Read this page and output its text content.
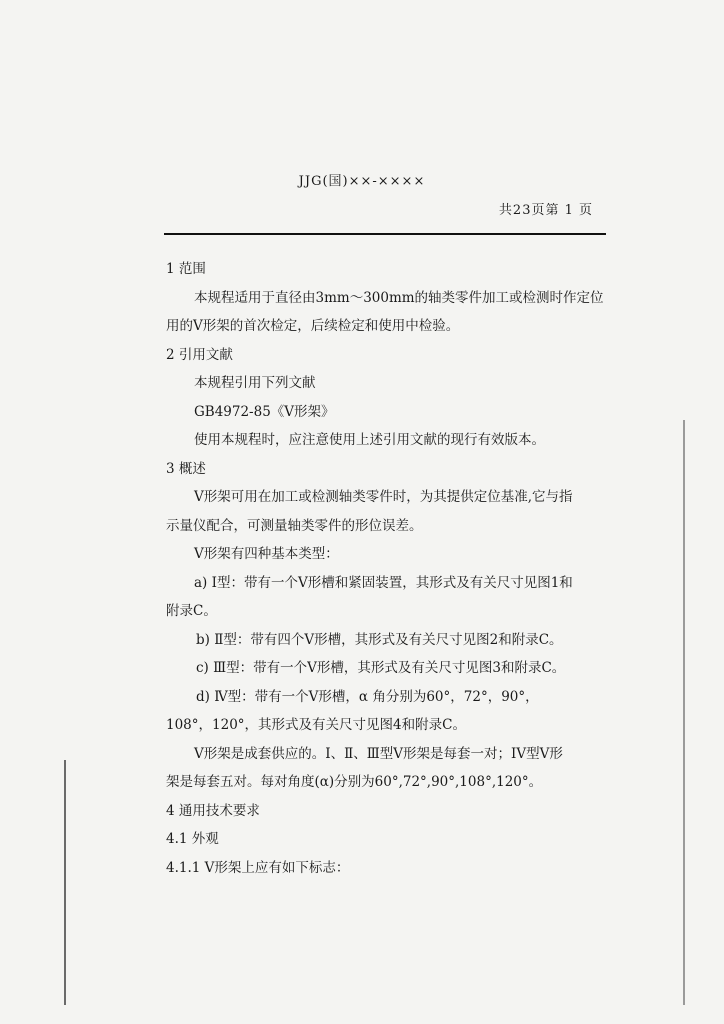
JJG(国)××-××××
共23页第 1 页
1 范围
本规程适用于直径由3mm～300mm的轴类零件加工或检测时作定位
用的V形架的首次检定，后续检定和使用中检验。
2 引用文献
本规程引用下列文献
GB4972-85《V形架》
使用本规程时，应注意使用上述引用文献的现行有效版本。
3 概述
V形架可用在加工或检测轴类零件时，为其提供定位基准,它与指
示量仪配合，可测量轴类零件的形位误差。
V形架有四种基本类型：
a) Ⅰ型：带有一个V形槽和紧固装置，其形式及有关尺寸见图1和
附录C。
b) Ⅱ型：带有四个V形槽，其形式及有关尺寸见图2和附录C。
c) Ⅲ型：带有一个V形槽，其形式及有关尺寸见图3和附录C。
d) Ⅳ型：带有一个V形槽，α 角分别为60°，72°，90°，
108°，120°，其形式及有关尺寸见图4和附录C。
V形架是成套供应的。Ⅰ、Ⅱ、Ⅲ型V形架是每套一对；ⅠV型V形
架是每套五对。每对角度(α)分别为60°,72°,90°,108°,120°。
4 通用技术要求
4.1 外观
4.1.1 V形架上应有如下标志：
